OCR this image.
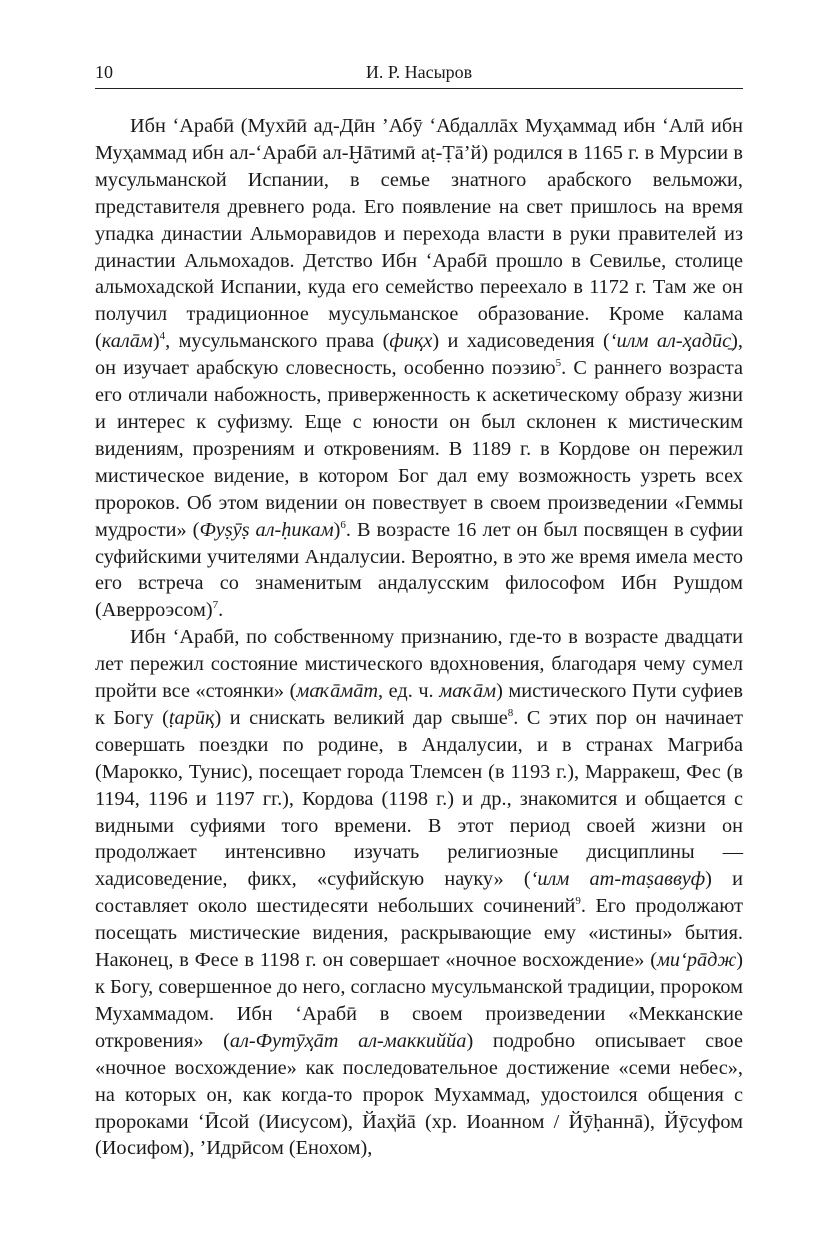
10	И. Р. Насыров

Ибн ‘Арабӣ (Мухӣӣ ад-Дӣн ’Абӯ ‘Абдаллāх Муҳаммад ибн ‘Алӣ ибн Муҳаммад ибн ал-‘Арабӣ ал-Ḫāтимӣ аṭ-Ṭā’й) родился в 1165 г. в Мурсии в мусульманской Испании, в семье знатного арабского вельможи, представителя древнего рода. Его появление на свет пришлось на время упадка династии Альморавидов и перехода власти в руки правителей из династии Альмохадов. Детство Ибн ‘Арабӣ прошло в Севилье, столице альмохадской Испании, куда его семейство переехало в 1172 г. Там же он получил традиционное мусульманское образование. Кроме калама (калāм)$^4$, мусульманского права (фиқх) и хадисоведения (‘илм ал-ҳадӣс̱), он изучает арабскую словесность, особенно поэзию$^5$. С раннего возраста его отличали набожность, приверженность к аскетическому образу жизни и интерес к суфизму. Еще с юности он был склонен к мистическим видениям, прозрениям и откровениям. В 1189 г. в Кордове он пережил мистическое видение, в котором Бог дал ему возможность узреть всех пророков. Об этом видении он повествует в своем произведении «Геммы мудрости» (Фуṣӯṣ ал-ḥикам)$^6$. В возрасте 16 лет он был посвящен в суфии суфийскими учителями Андалусии. Вероятно, в это же время имела место его встреча со знаменитым андалусским философом Ибн Рушдом (Аверроэсом)$^7$.

Ибн ‘Арабӣ, по собственному признанию, где-то в возрасте двадцати лет пережил состояние мистического вдохновения, благодаря чему сумел пройти все «стоянки» (маҡāмāт, ед. ч. маҡāм) мистического Пути суфиев к Богу (ṭарӣқ) и снискать великий дар свыше$^8$. С этих пор он начинает совершать поездки по родине, в Андалусии, и в странах Магриба (Марокко, Тунис), посещает города Тлемсен (в 1193 г.), Марракеш, Фес (в 1194, 1196 и 1197 гг.), Кордова (1198 г.) и др., знакомится и общается с видными суфиями того времени. В этот период своей жизни он продолжает интенсивно изучать религиозные дисциплины — хадисоведение, фикх, «суфийскую науку» (‘илм ат-таṣаввуф) и составляет около шестидесяти небольших сочинений$^9$. Его продолжают посещать мистические видения, раскрывающие ему «истины» бытия. Наконец, в Фесе в 1198 г. он совершает «ночное восхождение» (ми‘рāдж) к Богу, совершенное до него, согласно мусульманской традиции, пророком Мухаммадом. Ибн ‘Арабӣ в своем произведении «Мекканские откровения» (ал-Футӯҳāт ал-маккиййа) подробно описывает свое «ночное восхождение» как последовательное достижение «семи небес», на которых он, как когда-то пророк Мухаммад, удостоился общения с пророками ‘Ӣсой (Иисусом), Йаҳйā (хр. Иоанном / Йӯḥаннā), Йӯсуфом (Иосифом), ’Идрӣсом (Енохом),
